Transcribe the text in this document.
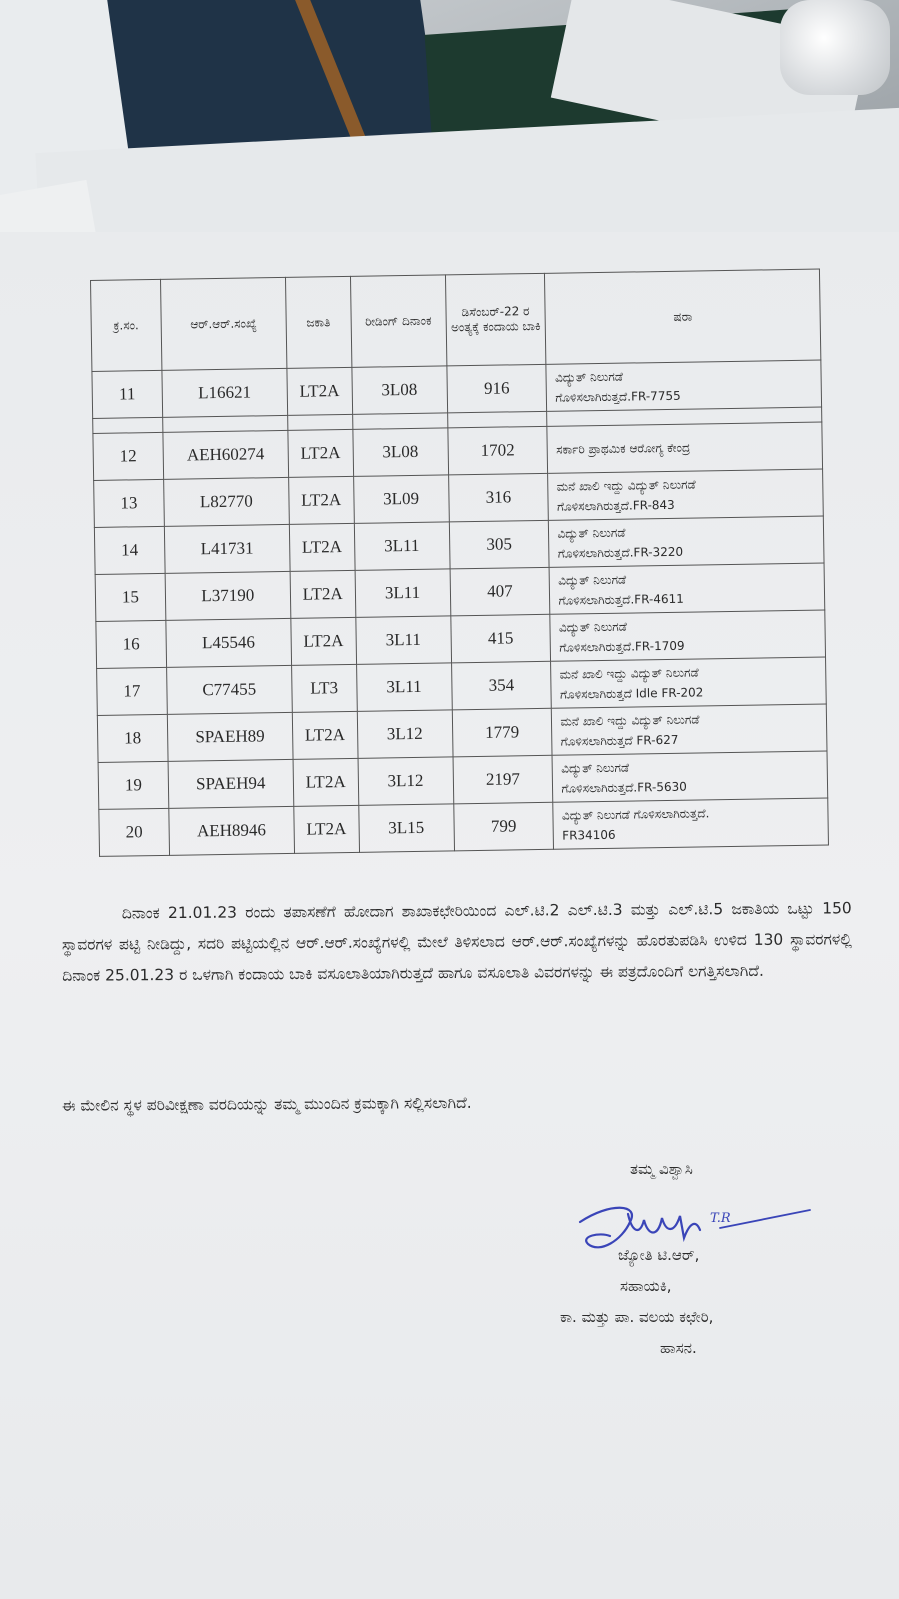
ಕ್ರ.ಸಂ.	ಆರ್.ಆರ್.ಸಂಖ್ಯೆ	ಜಕಾತಿ	ರೀಡಿಂಗ್ ದಿನಾಂಕ	ಡಿಸೆಂಬರ್-22 ರ ಅಂತ್ಯಕ್ಕೆ ಕಂದಾಯ ಬಾಕಿ	ಷರಾ
11	L16621	LT2A	3L08	916	ವಿದ್ಯುತ್ ನಿಲುಗಡೆ
ಗೊಳಿಸಲಾಗಿರುತ್ತದೆ.FR-7755

12	AEH60274	LT2A	3L08	1702	ಸರ್ಕಾರಿ ಪ್ರಾಥಮಿಕ ಆರೋಗ್ಯ ಕೇಂದ್ರ

13	L82770	LT2A	3L09	316	ಮನೆ ಖಾಲಿ ಇದ್ದು ವಿದ್ಯುತ್ ನಿಲುಗಡೆ
ಗೊಳಿಸಲಾಗಿರುತ್ತದೆ.FR-843

14	L41731	LT2A	3L11	305	ವಿದ್ಯುತ್ ನಿಲುಗಡೆ
ಗೊಳಿಸಲಾಗಿರುತ್ತದೆ.FR-3220

15	L37190	LT2A	3L11	407	ವಿದ್ಯುತ್ ನಿಲುಗಡೆ
ಗೊಳಿಸಲಾಗಿರುತ್ತದೆ.FR-4611

16	L45546	LT2A	3L11	415	ವಿದ್ಯುತ್ ನಿಲುಗಡೆ
ಗೊಳಿಸಲಾಗಿರುತ್ತದೆ.FR-1709

17	C77455	LT3	3L11	354	ಮನೆ ಖಾಲಿ ಇದ್ದು ವಿದ್ಯುತ್ ನಿಲುಗಡೆ
ಗೊಳಿಸಲಾಗಿರುತ್ತದೆ Idle FR-202

18	SPAEH89	LT2A	3L12	1779	ಮನೆ ಖಾಲಿ ಇದ್ದು ವಿದ್ಯುತ್ ನಿಲುಗಡೆ
ಗೊಳಿಸಲಾಗಿರುತ್ತದೆ FR-627

19	SPAEH94	LT2A	3L12	2197	ವಿದ್ಯುತ್ ನಿಲುಗಡೆ
ಗೊಳಿಸಲಾಗಿರುತ್ತದೆ.FR-5630

20	AEH8946	LT2A	3L15	799	ವಿದ್ಯುತ್ ನಿಲುಗಡೆ ಗೊಳಿಸಲಾಗಿರುತ್ತದೆ.
FR34106

ದಿನಾಂಕ 21.01.23 ರಂದು ತಪಾಸಣೆಗೆ ಹೋದಾಗ ಶಾಖಾಕಛೇರಿಯಿಂದ ಎಲ್.ಟಿ.2 ಎಲ್.ಟಿ.3 ಮತ್ತು ಎಲ್.ಟಿ.5 ಜಕಾತಿಯ ಒಟ್ಟು 150 ಸ್ಥಾವರಗಳ ಪಟ್ಟಿ ನೀಡಿದ್ದು, ಸದರಿ ಪಟ್ಟಿಯಲ್ಲಿನ ಆರ್.ಆರ್.ಸಂಖ್ಯೆಗಳಲ್ಲಿ ಮೇಲೆ ತಿಳಿಸಲಾದ ಆರ್.ಆರ್.ಸಂಖ್ಯೆಗಳನ್ನು ಹೊರತುಪಡಿಸಿ ಉಳಿದ 130 ಸ್ಥಾವರಗಳಲ್ಲಿ ದಿನಾಂಕ 25.01.23 ರ ಒಳಗಾಗಿ ಕಂದಾಯ ಬಾಕಿ ವಸೂಲಾತಿಯಾಗಿರುತ್ತದೆ ಹಾಗೂ ವಸೂಲಾತಿ ವಿವರಗಳನ್ನು ಈ ಪತ್ರದೊಂದಿಗೆ ಲಗತ್ತಿಸಲಾಗಿದೆ.

ಈ ಮೇಲಿನ ಸ್ಥಳ ಪರಿವೀಕ್ಷಣಾ ವರದಿಯನ್ನು ತಮ್ಮ ಮುಂದಿನ ಕ್ರಮಕ್ಕಾಗಿ ಸಲ್ಲಿಸಲಾಗಿದೆ.

ತಮ್ಮ ವಿಶ್ವಾಸಿ
T.R
ಜ್ಯೋತಿ ಟಿ.ಆರ್,
ಸಹಾಯಕಿ,
ಕಾ. ಮತ್ತು ಪಾ. ವಲಯ ಕಛೇರಿ,
ಹಾಸನ.
